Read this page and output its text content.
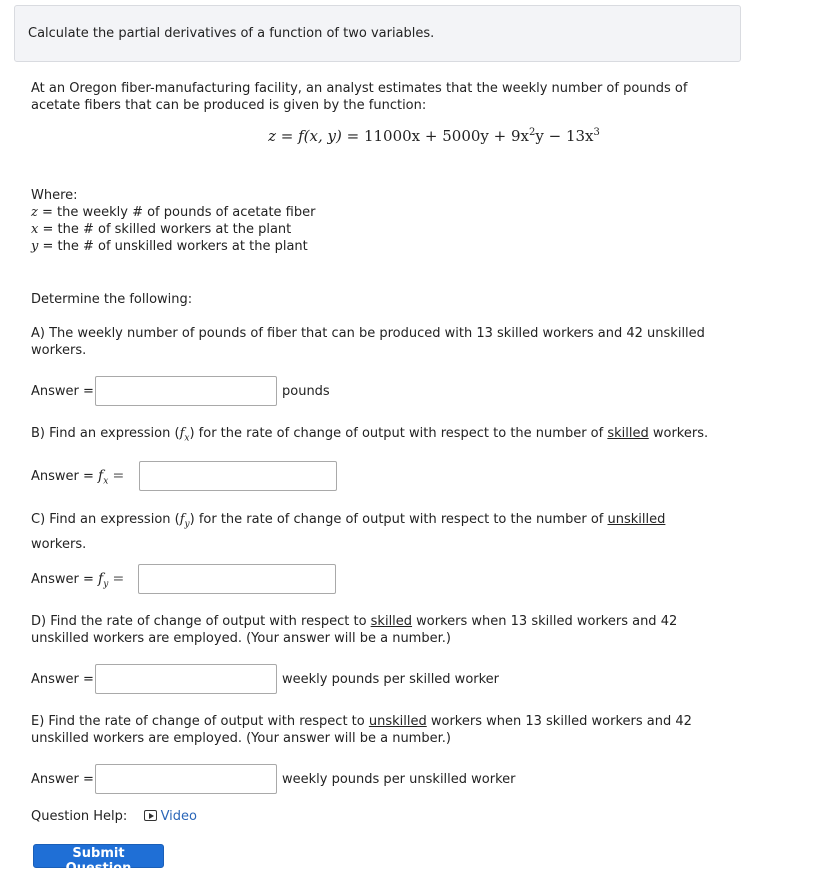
Calculate the partial derivatives of a function of two variables.
At an Oregon fiber-manufacturing facility, an analyst estimates that the weekly number of pounds of acetate fibers that can be produced is given by the function:
z = f(x, $y) = 11000x + 5000y + 9x^2y - 13x^3$
Where:
z = the weekly # of pounds of acetate fiber
x = the # of skilled workers at the plant
y = the # of unskilled workers at the plant
Determine the following:
A) The weekly number of pounds of fiber that can be produced with 13 skilled workers and 42 unskilled workers.
Answer =	pounds
B) Find an expression $(f_x)$ for the rate of change of output with respect to the number of skilled workers.
Answer = $f_x$ =
C) Find an expression $(f_y)$ for the rate of change of output with respect to the number of unskilled
workers.
Answer = $f_y$ =
D) Find the rate of change of output with respect to skilled workers when 13 skilled workers and 42 unskilled workers are employed. (Your answer will be a number.)
Answer =	weekly pounds per skilled worker
E) Find the rate of change of output with respect to unskilled workers when 13 skilled workers and 42 unskilled workers are employed. (Your answer will be a number.)
Answer =	weekly pounds per unskilled worker
Question Help:	Video
Submit Question
